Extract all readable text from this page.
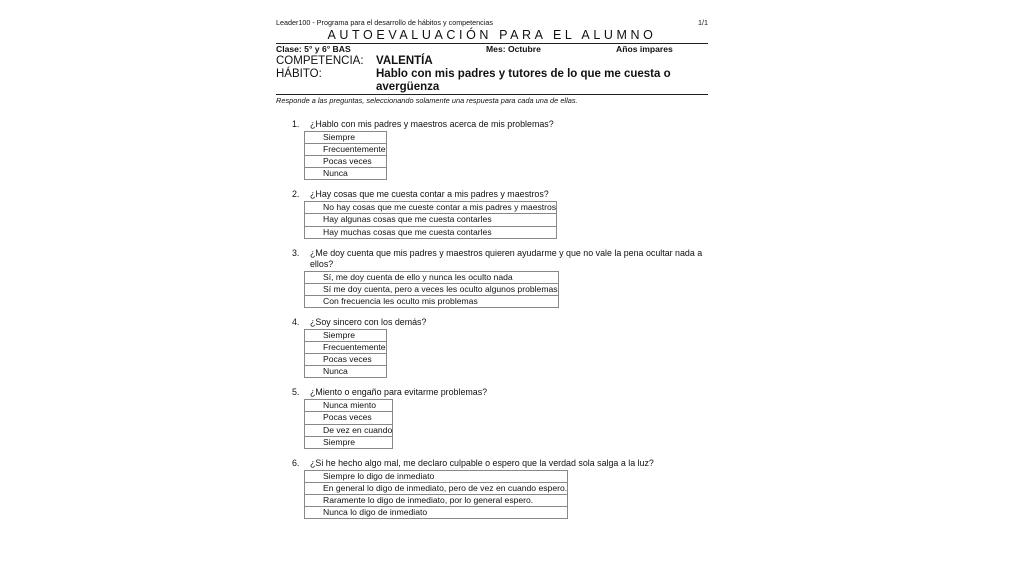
Leader100 - Programa para el desarrollo de hábitos y competencias	1/1
AUTOEVALUACIÓN PARA EL ALUMNO
Clase: 5° y 6° BAS	Mes: Octubre	Años impares
COMPETENCIA:	VALENTÍA
HÁBITO:	Hablo con mis padres y tutores de lo que me cuesta o avergüenza
Responde a las preguntas, seleccionando solamente una respuesta para cada una de ellas.
1.	¿Hablo con mis padres y maestros acerca de mis problemas?
Siempre
Frecuentemente
Pocas veces
Nunca
2.	¿Hay cosas que me cuesta contar a mis padres y maestros?
No hay cosas que me cueste contar a mis padres y maestros
Hay algunas cosas que me cuesta contarles
Hay muchas cosas que me cuesta contarles
3.	¿Me doy cuenta que mis padres y maestros quieren ayudarme y que no vale la pena ocultar nada a ellos?
Sí, me doy cuenta de ello y nunca les oculto nada
Sí me doy cuenta, pero a veces les oculto algunos problemas
Con frecuencia les oculto mis problemas
4.	¿Soy sincero con los demás?
Siempre
Frecuentemente
Pocas veces
Nunca
5.	¿Miento o engaño para evitarme problemas?
Nunca miento
Pocas veces
De vez en cuando
Siempre
6.	¿Si he hecho algo mal, me declaro culpable o espero que la verdad sola salga a la luz?
Siempre lo digo de inmediato
En general lo digo de inmediato, pero de vez en cuando espero.
Raramente lo digo de inmediato, por lo general espero.
Nunca lo digo de inmediato
